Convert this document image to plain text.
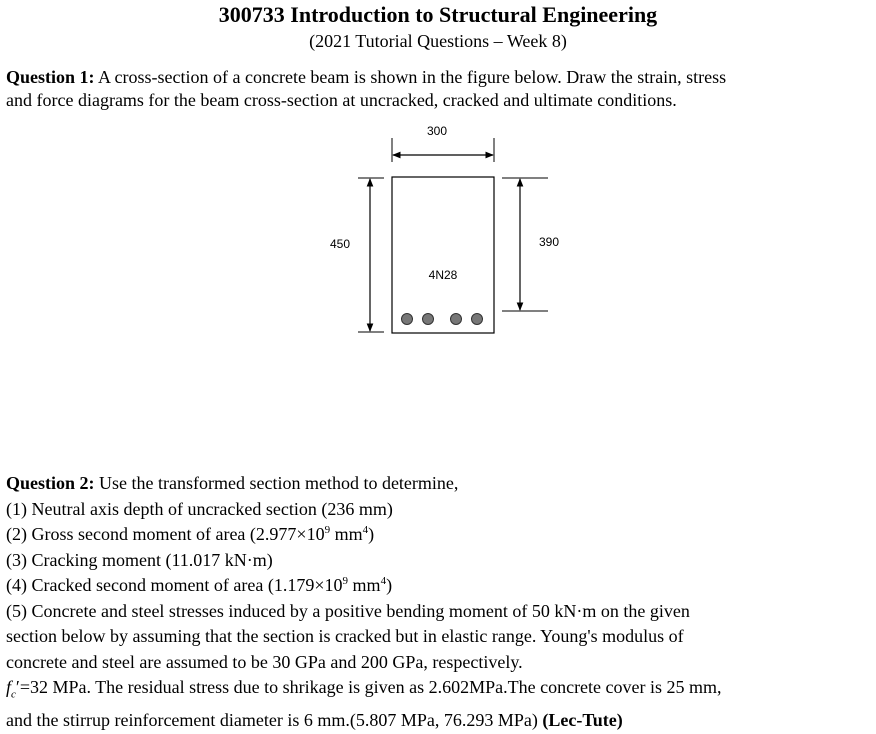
300733 Introduction to Structural Engineering
(2021 Tutorial Questions – Week 8)
Question 1: A cross-section of a concrete beam is shown in the figure below. Draw the strain, stress
and force diagrams for the beam cross-section at uncracked, cracked and ultimate conditions.
300
450	390
4N28
Question 2: Use the transformed section method to determine,
(1) Neutral axis depth of uncracked section (236 mm)
(2) Gross second moment of area ($2.977\times 10^9$ $mm^4$)
(3) Cracking moment (11.017 kN·m)
(4) Cracked second moment of area ($1.179\times 10^9$ $mm^4$)
(5) Concrete and steel stresses induced by a positive bending moment of 50 kN·m on the given
section below by assuming that the section is cracked but in elastic range. Young's modulus of
concrete and steel are assumed to be 30 GPa and 200 GPa, respectively.
$f_c'=32$ MPa. The residual stress due to shrikage is given as 2.602MPa.The concrete cover is 25 mm,
and the stirrup reinforcement diameter is 6 mm.(5.807 MPa, 76.293 MPa) (Lec-Tute)
